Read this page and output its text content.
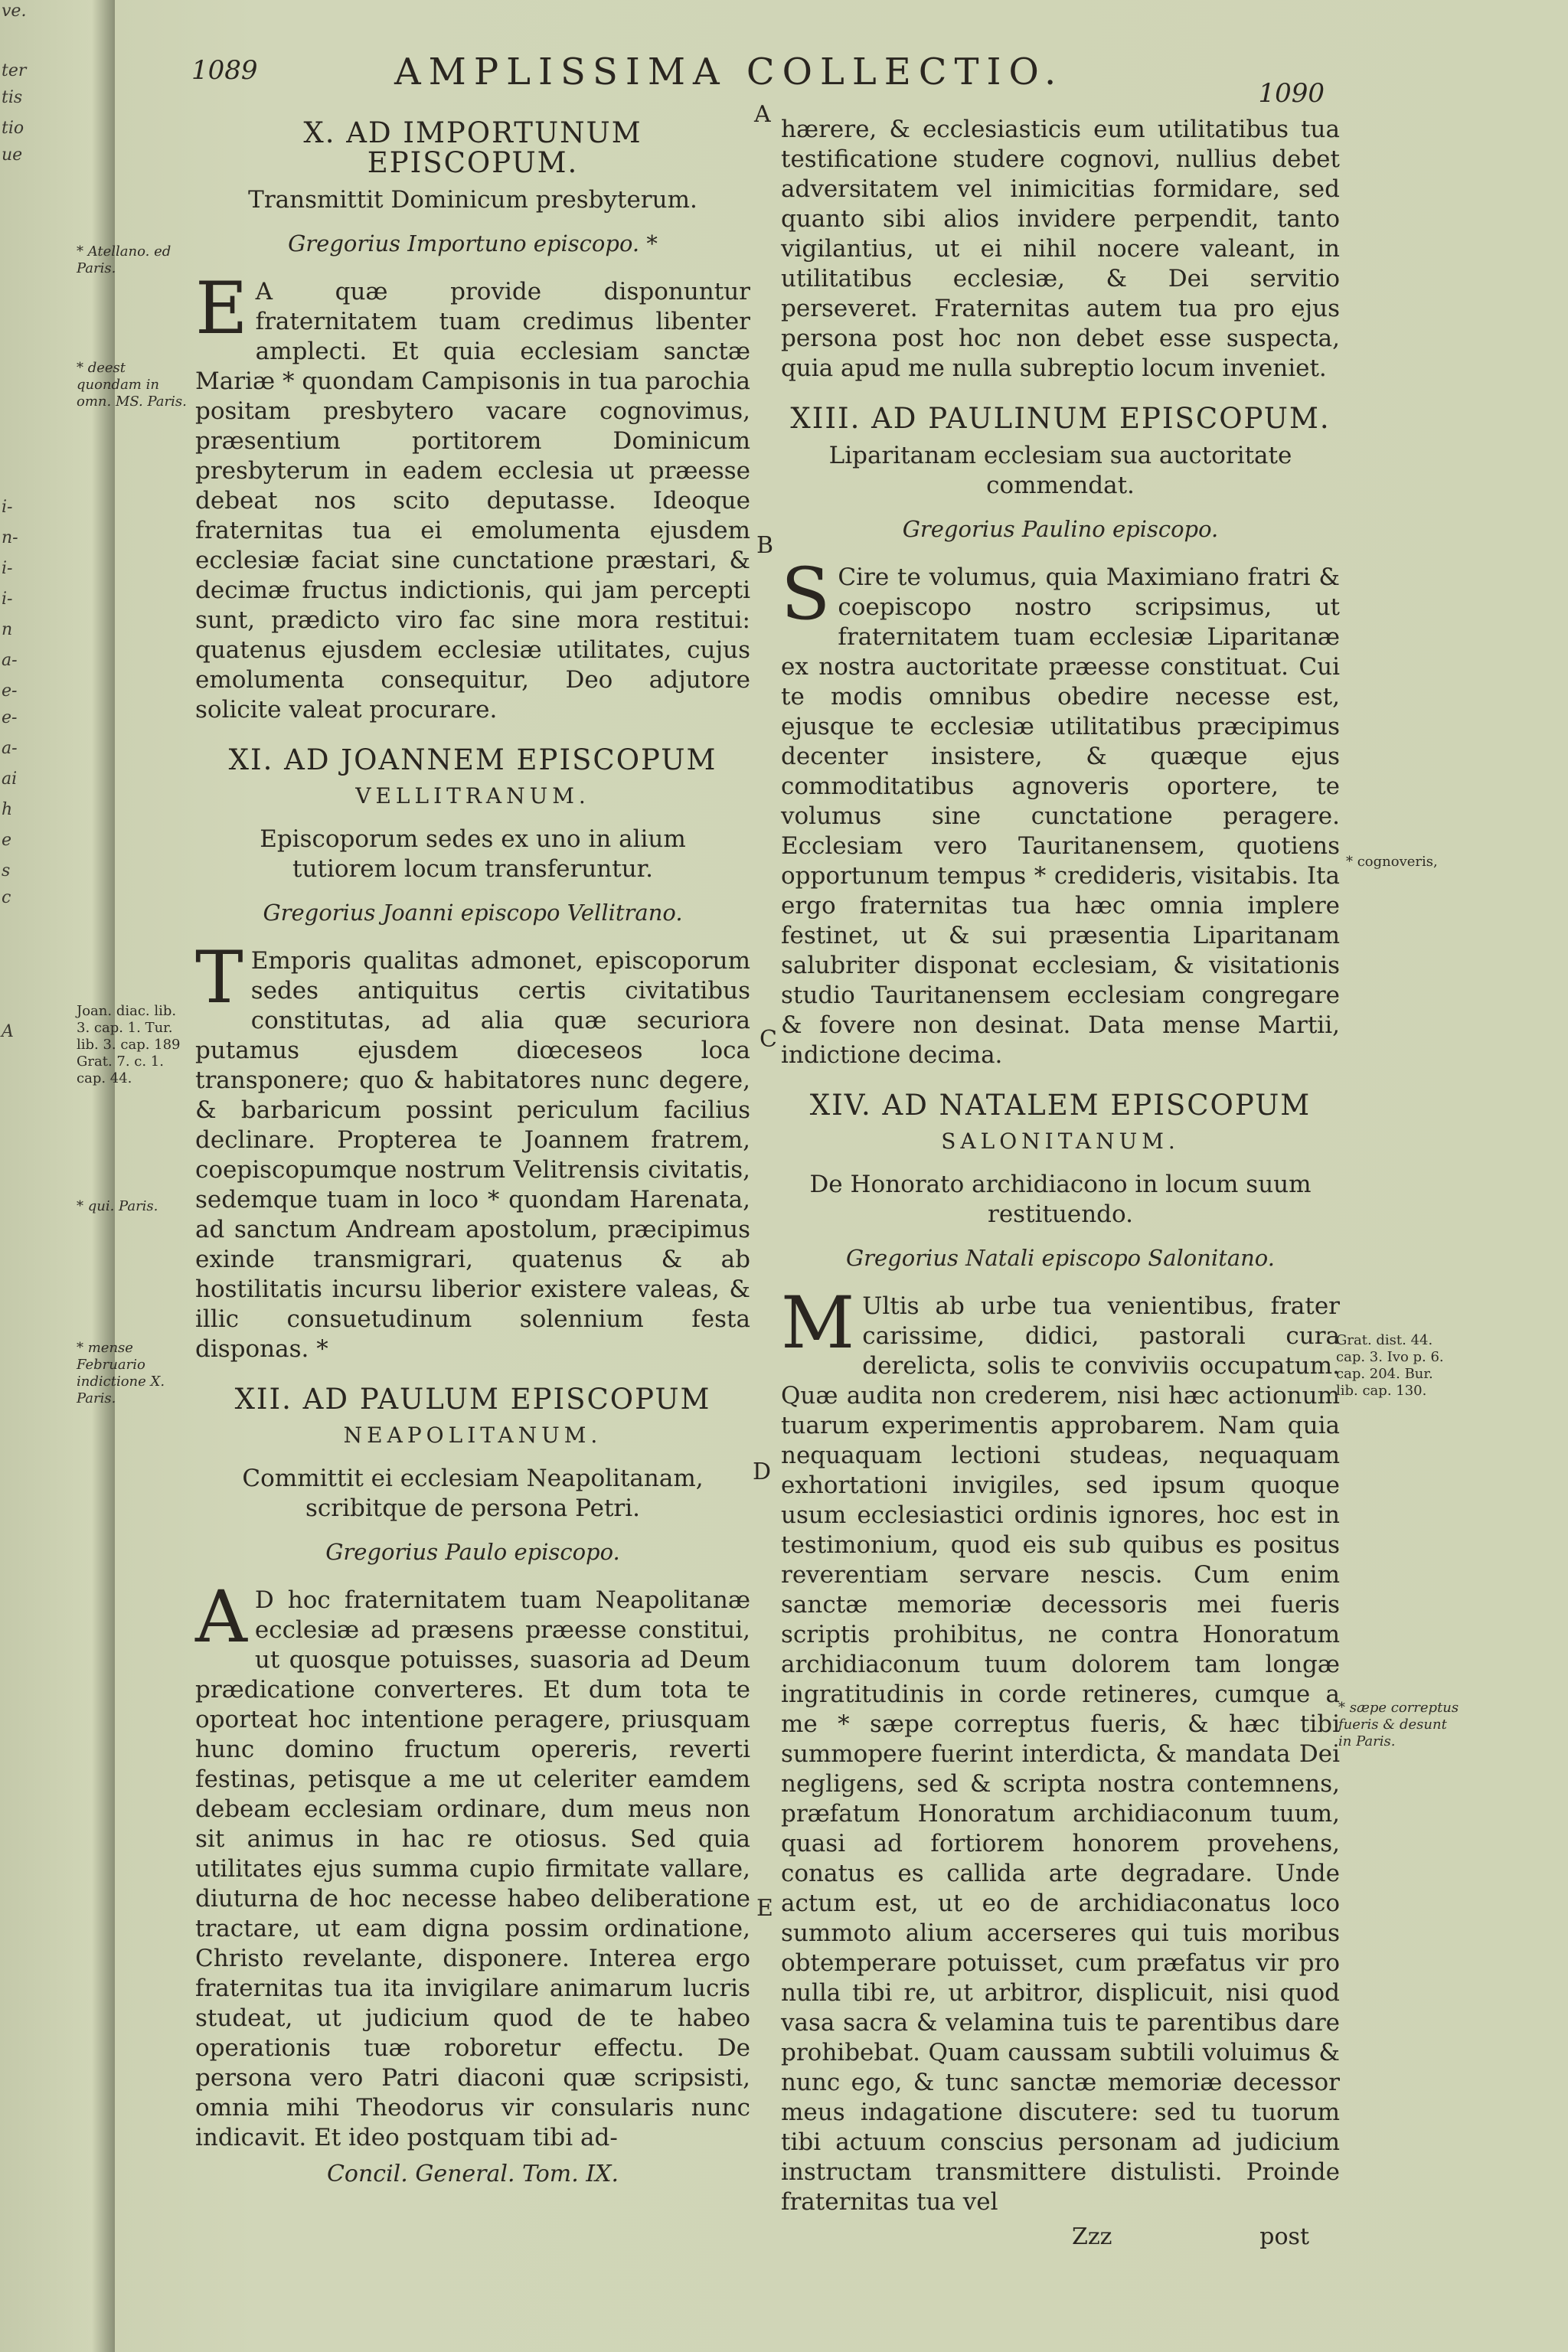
ve.
ter
tis
tio
ue
i-
n-
i-
i-
n
a-
e-
e-
a-
ai
h
e
s
c
A
1089	AMPLISSIMA COLLECTIO.	1090
X. AD IMPORTUNUM EPISCOPUM.
Transmittit Dominicum presbyterum.
Gregorius Importuno episcopo. *
E A quæ provide disponuntur fraternitatem tuam credimus libenter amplecti. Et quia ecclesiam sanctæ Mariæ * quondam Campisonis in tua parochia positam presbytero vacare cognovimus, præsentium portitorem Dominicum presbyterum in eadem ecclesia ut præesse debeat nos scito deputasse. Ideoque fraternitas tua ei emolumenta ejusdem ecclesiæ faciat sine cunctatione præstari, & decimæ fructus indictionis, qui jam percepti sunt, prædicto viro fac sine mora restitui: quatenus ejusdem ecclesiæ utilitates, cujus emolumenta consequitur, Deo adjutore solicite valeat procurare.
XI. AD JOANNEM EPISCOPUM
VELLITRANUM.
Episcoporum sedes ex uno in alium tutiorem locum transferuntur.
Gregorius Joanni episcopo Vellitrano.
T Emporis qualitas admonet, episcoporum sedes antiquitus certis civitatibus constitutas, ad alia quæ securiora putamus ejusdem diœceseos loca transponere; quo & habitatores nunc degere, & barbaricum possint periculum facilius declinare. Propterea te Joannem fratrem, coepiscopumque nostrum Velitrensis civitatis, sedemque tuam in loco * quondam Harenata, ad sanctum Andream apostolum, præcipimus exinde transmigrari, quatenus & ab hostilitatis incursu liberior existere valeas, & illic consuetudinum solennium festa disponas. *
XII. AD PAULUM EPISCOPUM
NEAPOLITANUM.
Committit ei ecclesiam Neapolitanam, scribitque de persona Petri.
Gregorius Paulo episcopo.
A D hoc fraternitatem tuam Neapolitanæ ecclesiæ ad præsens præesse constitui, ut quosque potuisses, suasoria ad Deum prædicatione converteres. Et dum tota te oporteat hoc intentione peragere, priusquam hunc domino fructum opereris, reverti festinas, petisque a me ut celeriter eamdem debeam ecclesiam ordinare, dum meus non sit animus in hac re otiosus. Sed quia utilitates ejus summa cupio firmitate vallare, diuturna de hoc necesse habeo deliberatione tractare, ut eam digna possim ordinatione, Christo revelante, disponere. Interea ergo fraternitas tua ita invigilare animarum lucris studeat, ut judicium quod de te habeo operationis tuæ roboretur effectu. De persona vero Patri diaconi quæ scripsisti, omnia mihi Theodorus vir consularis nunc indicavit. Et ideo postquam tibi ad-
Concil. General. Tom. IX.
hærere, & ecclesiasticis eum utilitatibus tua testificatione studere cognovi, nullius debet adversitatem vel inimicitias formidare, sed quanto sibi alios invidere perpendit, tanto vigilantius, ut ei nihil nocere valeant, in utilitatibus ecclesiæ, & Dei servitio perseveret. Fraternitas autem tua pro ejus persona post hoc non debet esse suspecta, quia apud me nulla subreptio locum inveniet.
XIII. AD PAULINUM EPISCOPUM.
Liparitanam ecclesiam sua auctoritate commendat.
Gregorius Paulino episcopo.
S Cire te volumus, quia Maximiano fratri & coepiscopo nostro scripsimus, ut fraternitatem tuam ecclesiæ Liparitanæ ex nostra auctoritate præesse constituat. Cui te modis omnibus obedire necesse est, ejusque te ecclesiæ utilitatibus præcipimus decenter insistere, & quæque ejus commoditatibus agnoveris oportere, te volumus sine cunctatione peragere. Ecclesiam vero Tauritanensem, quotiens opportunum tempus * credideris, visitabis. Ita ergo fraternitas tua hæc omnia implere festinet, ut & sui præsentia Liparitanam salubriter disponat ecclesiam, & visitationis studio Tauritanensem ecclesiam congregare & fovere non desinat. Data mense Martii, indictione decima.
XIV. AD NATALEM EPISCOPUM
SALONITANUM.
De Honorato archidiacono in locum suum restituendo.
Gregorius Natali episcopo Salonitano.
M Ultis ab urbe tua venientibus, frater carissime, didici, pastorali cura derelicta, solis te conviviis occupatum. Quæ audita non crederem, nisi hæc actionum tuarum experimentis approbarem. Nam quia nequaquam lectioni studeas, nequaquam exhortationi invigiles, sed ipsum quoque usum ecclesiastici ordinis ignores, hoc est in testimonium, quod eis sub quibus es positus reverentiam servare nescis. Cum enim sanctæ memoriæ decessoris mei fueris scriptis prohibitus, ne contra Honoratum archidiaconum tuum dolorem tam longæ ingratitudinis in corde retineres, cumque a me * sæpe correptus fueris, & hæc tibi summopere fuerint interdicta, & mandata Dei negligens, sed & scripta nostra contemnens, præfatum Honoratum archidiaconum tuum, quasi ad fortiorem honorem provehens, conatus es callida arte degradare. Unde actum est, ut eo de archidiaconatus loco summoto alium accerseres qui tuis moribus obtemperare potuisset, cum præfatus vir pro nulla tibi re, ut arbitror, displicuit, nisi quod vasa sacra & velamina tuis te parentibus dare prohibebat. Quam caussam subtili voluimus & nunc ego, & tunc sanctæ memoriæ decessor meus indagatione discutere: sed tu tuorum tibi actuum conscius personam ad judicium instructam transmittere distulisti. Proinde fraternitas tua vel
Zzz	post
A
B
C
D
E
* Atellano. ed Paris.
* deest quondam in omn. MS. Paris.
Joan. diac. lib. 3. cap. 1. Tur. lib. 3. cap. 189 Grat. 7. c. 1. cap. 44.
* qui. Paris.
* mense Februario indictione X. Paris.
* cognoveris,
Grat. dist. 44. cap. 3. Ivo p. 6. cap. 204. Bur. lib. cap. 130.
* sæpe correptus fueris & desunt in Paris.
